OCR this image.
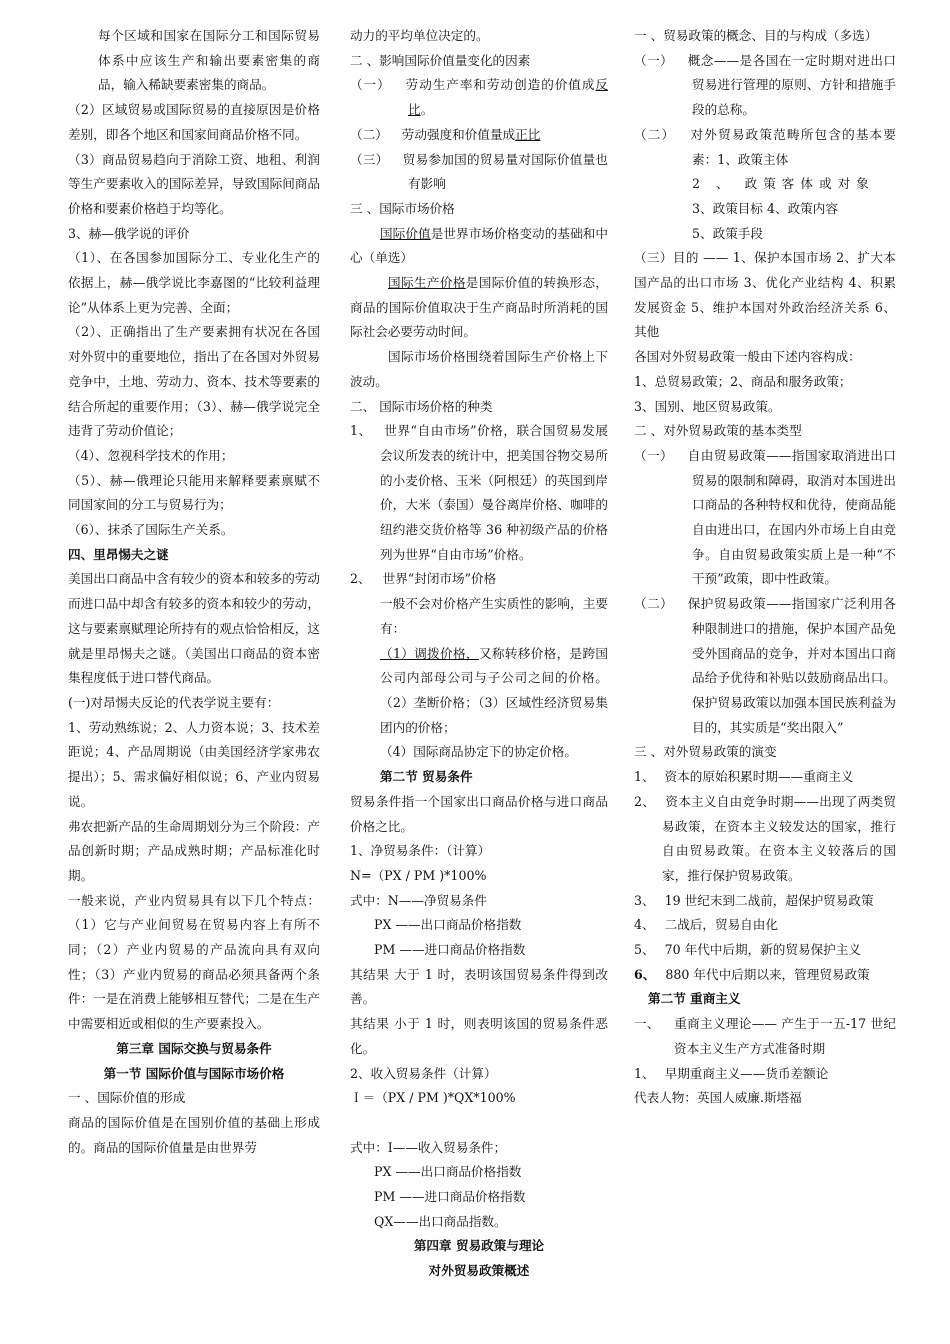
每个区域和国家在国际分工和国际贸易体系中应该生产和输出要素密集的商品，输入稀缺要素密集的商品。

（2）区域贸易或国际贸易的直接原因是价格差别，即各个地区和国家间商品价格不同。

（3）商品贸易趋向于消除工资、地租、利润等生产要素收入的国际差异，导致国际间商品价格和要素价格趋于均等化。

3、赫—俄学说的评价

（1）、在各国参加国际分工、专业化生产的依据上，赫—俄学说比李嘉图的“比较利益理论”从体系上更为完善、全面；

（2）、正确指出了生产要素拥有状况在各国对外贸中的重要地位，指出了在各国对外贸易竞争中，土地、劳动力、资本、技术等要素的结合所起的重要作用；（3）、赫—俄学说完全违背了劳动价值论；

（4）、忽视科学技术的作用；

（5）、赫—俄理论只能用来解释要素禀赋不同国家间的分工与贸易行为；

（6）、抹杀了国际生产关系。

四、里昂惕夫之谜

美国出口商品中含有较少的资本和较多的劳动而进口品中却含有较多的资本和较少的劳动，这与要素禀赋理论所持有的观点恰恰相反，这就是里昂惕夫之谜。（美国出口商品的资本密集程度低于进口替代商品。

(一)对昂惕夫反论的代表学说主要有：

1、劳动熟练说；2、人力资本说；3、技术差距说；4、产品周期说（由美国经济学家弗农提出）；5、需求偏好相似说；6、产业内贸易说。

弗农把新产品的生命周期划分为三个阶段：产品创新时期；产品成熟时期；产品标准化时期。

一般来说，产业内贸易具有以下几个特点：（1）它与产业间贸易在贸易内容上有所不同；（2）产业内贸易的产品流向具有双向性；（3）产业内贸易的商品必须具备两个条件：一是在消费上能够相互替代；二是在生产中需要相近或相似的生产要素投入。

第三章 国际交换与贸易条件

第一节 国际价值与国际市场价格

一 、国际价值的形成

商品的国际价值是在国别价值的基础上形成的。商品的国际价值量是由世界劳

动力的平均单位决定的。

二 、影响国际价值量变化的因素

（一） 劳动生产率和劳动创造的价值成反比。

（二） 劳动强度和价值量成正比

（三） 贸易参加国的贸易量对国际价值量也有影响

三 、国际市场价格

国际价值是世界市场价格变动的基础和中心（单选）

国际生产价格是国际价值的转换形态，商品的国际价值取决于生产商品时所消耗的国际社会必要劳动时间。

国际市场价格围绕着国际生产价格上下波动。

二、 国际市场价格的种类

1、 世界“自由市场”价格，联合国贸易发展会议所发表的统计中，把美国谷物交易所的小麦价格、玉米（阿根廷）的英国到岸价，大米（泰国）曼谷离岸价格、咖啡的纽约港交货价格等 36 种初级产品的价格列为世界“自由市场”价格。

2、 世界“封闭市场”价格

一般不会对价格产生实质性的影响，主要有：

（1）调拨价格，又称转移价格，是跨国公司内部母公司与子公司之间的价格。（2）垄断价格；（3）区域性经济贸易集团内的价格；

（4）国际商品协定下的协定价格。

第二节 贸易条件

贸易条件指一个国家出口商品价格与进口商品价格之比。

1、净贸易条件：（计算）

N=（PX / PM )*100%

式中：N——净贸易条件

PX ——出口商品价格指数

PM ——进口商品价格指数

其结果 大于 1 时，表明该国贸易条件得到改善。

其结果 小于 1 时，则表明该国的贸易条件恶化。

2、收入贸易条件（计算）

Ｉ＝（PX / PM )*QX*100%

式中：I——收入贸易条件；

PX ——出口商品价格指数

PM ——进口商品价格指数

QX——出口商品指数。

第四章 贸易政策与理论

对外贸易政策概述

一 、贸易政策的概念、目的与构成（多选）

（一） 概念——是各国在一定时期对进出口贸易进行管理的原则、方针和措施手段的总称。

（二） 对外贸易政策范畴所包含的基本要素：1、政策主体

2 、 政策客体或对象

3、政策目标 4、政策内容

5、政策手段

（三）目的 —— 1、保护本国市场 2、扩大本国产品的出口市场 3、优化产业结构 4、积累发展资金 5、维护本国对外政治经济关系 6、其他

各国对外贸易政策一般由下述内容构成：

1、总贸易政策；2、商品和服务政策；

3、国别、地区贸易政策。

二 、对外贸易政策的基本类型

（一） 自由贸易政策——指国家取消进出口贸易的限制和障碍，取消对本国进出口商品的各种特权和优待，使商品能自由进出口，在国内外市场上自由竞争。自由贸易政策实质上是一种“不干预”政策，即中性政策。

（二） 保护贸易政策——指国家广泛利用各种限制进口的措施，保护本国产品免受外国商品的竞争，并对本国出口商品给予优待和补贴以鼓励商品出口。保护贸易政策以加强本国民族利益为目的，其实质是“奖出限入”

三 、对外贸易政策的演变

1、 资本的原始积累时期——重商主义

2、 资本主义自由竞争时期——出现了两类贸易政策，在资本主义较发达的国家，推行自由贸易政策。在资本主义较落后的国家，推行保护贸易政策。

3、 19 世纪末到二战前，超保护贸易政策

4、 二战后，贸易自由化

5、 70 年代中后期，新的贸易保护主义

6、 880 年代中后期以来，管理贸易政策

第二节 重商主义

一、 重商主义理论—— 产生于一五-17 世纪资本主义生产方式准备时期

1、 早期重商主义——货币差额论

代表人物：英国人威廉.斯塔福
